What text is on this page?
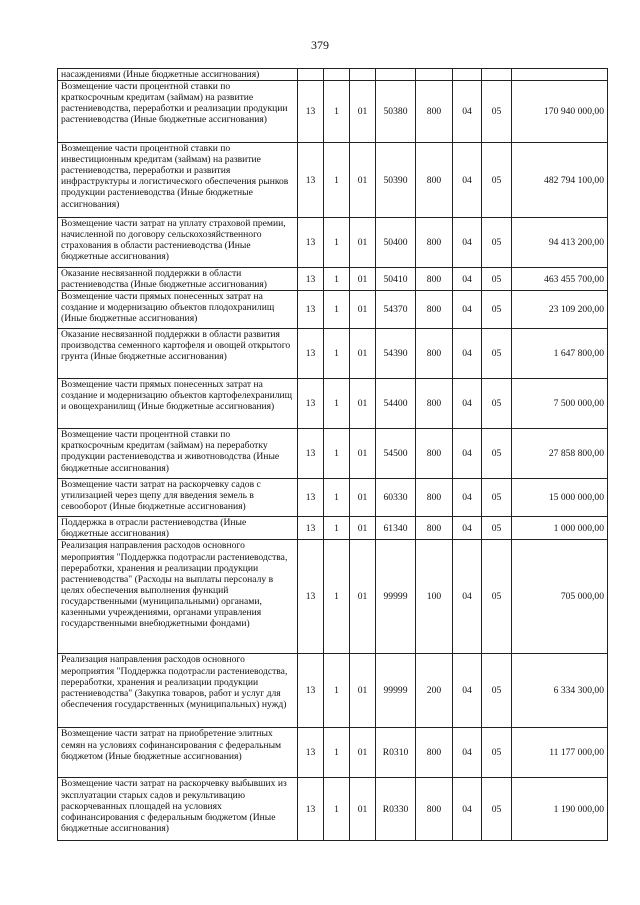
379
насаждениями (Иные бюджетные ассигнования)								
Возмещение части процентной ставки по краткосрочным кредитам (займам) на развитие растениеводства, переработки и реализации продукции растениеводства (Иные бюджетные ассигнования)	13	1	01	50380	800	04	05	170 940 000,00
Возмещение части процентной ставки по инвестиционным кредитам (займам) на развитие растениеводства, переработки и развития инфраструктуры и логистического обеспечения рынков продукции растениеводства (Иные бюджетные ассигнования)	13	1	01	50390	800	04	05	482 794 100,00
Возмещение части затрат на уплату страховой премии, начисленной по договору сельскохозяйственного страхования в области растениеводства (Иные бюджетные ассигнования)	13	1	01	50400	800	04	05	94 413 200,00
Оказание несвязанной поддержки в области растениеводства (Иные бюджетные ассигнования)	13	1	01	50410	800	04	05	463 455 700,00
Возмещение части прямых понесенных затрат на создание и модернизацию объектов плодохранилищ (Иные бюджетные ассигнования)	13	1	01	54370	800	04	05	23 109 200,00
Оказание несвязанной поддержки в области развития производства семенного картофеля и овощей открытого грунта (Иные бюджетные ассигнования)	13	1	01	54390	800	04	05	1 647 800,00
Возмещение части прямых понесенных затрат на создание и модернизацию объектов картофелехранилищ и овощехранилищ (Иные бюджетные ассигнования)	13	1	01	54400	800	04	05	7 500 000,00
Возмещение части процентной ставки по краткосрочным кредитам (займам) на переработку продукции растениеводства и животноводства (Иные бюджетные ассигнования)	13	1	01	54500	800	04	05	27 858 800,00
Возмещение части затрат на раскорчевку садов с утилизацией через щепу для введения земель в севооборот (Иные бюджетные ассигнования)	13	1	01	60330	800	04	05	15 000 000,00
Поддержка в отрасли растениеводства (Иные бюджетные ассигнования)	13	1	01	61340	800	04	05	1 000 000,00
Реализация направления расходов основного мероприятия "Поддержка подотрасли растениеводства, переработки, хранения и реализации продукции растениеводства" (Расходы на выплаты персоналу в целях обеспечения выполнения функций государственными (муниципальными) органами, казенными учреждениями, органами управления государственными внебюджетными фондами)	13	1	01	99999	100	04	05	705 000,00
Реализация направления расходов основного мероприятия "Поддержка подотрасли растениеводства, переработки, хранения и реализации продукции растениеводства" (Закупка товаров, работ и услуг для обеспечения государственных (муниципальных) нужд)	13	1	01	99999	200	04	05	6 334 300,00
Возмещение части затрат на приобретение элитных семян на условиях софинансирования с федеральным бюджетом (Иные бюджетные ассигнования)	13	1	01	R0310	800	04	05	11 177 000,00
Возмещение части затрат на раскорчевку выбывших из эксплуатации старых садов и рекультивацию раскорчеванных площадей на условиях софинансирования с федеральным бюджетом (Иные бюджетные ассигнования)	13	1	01	R0330	800	04	05	1 190 000,00
